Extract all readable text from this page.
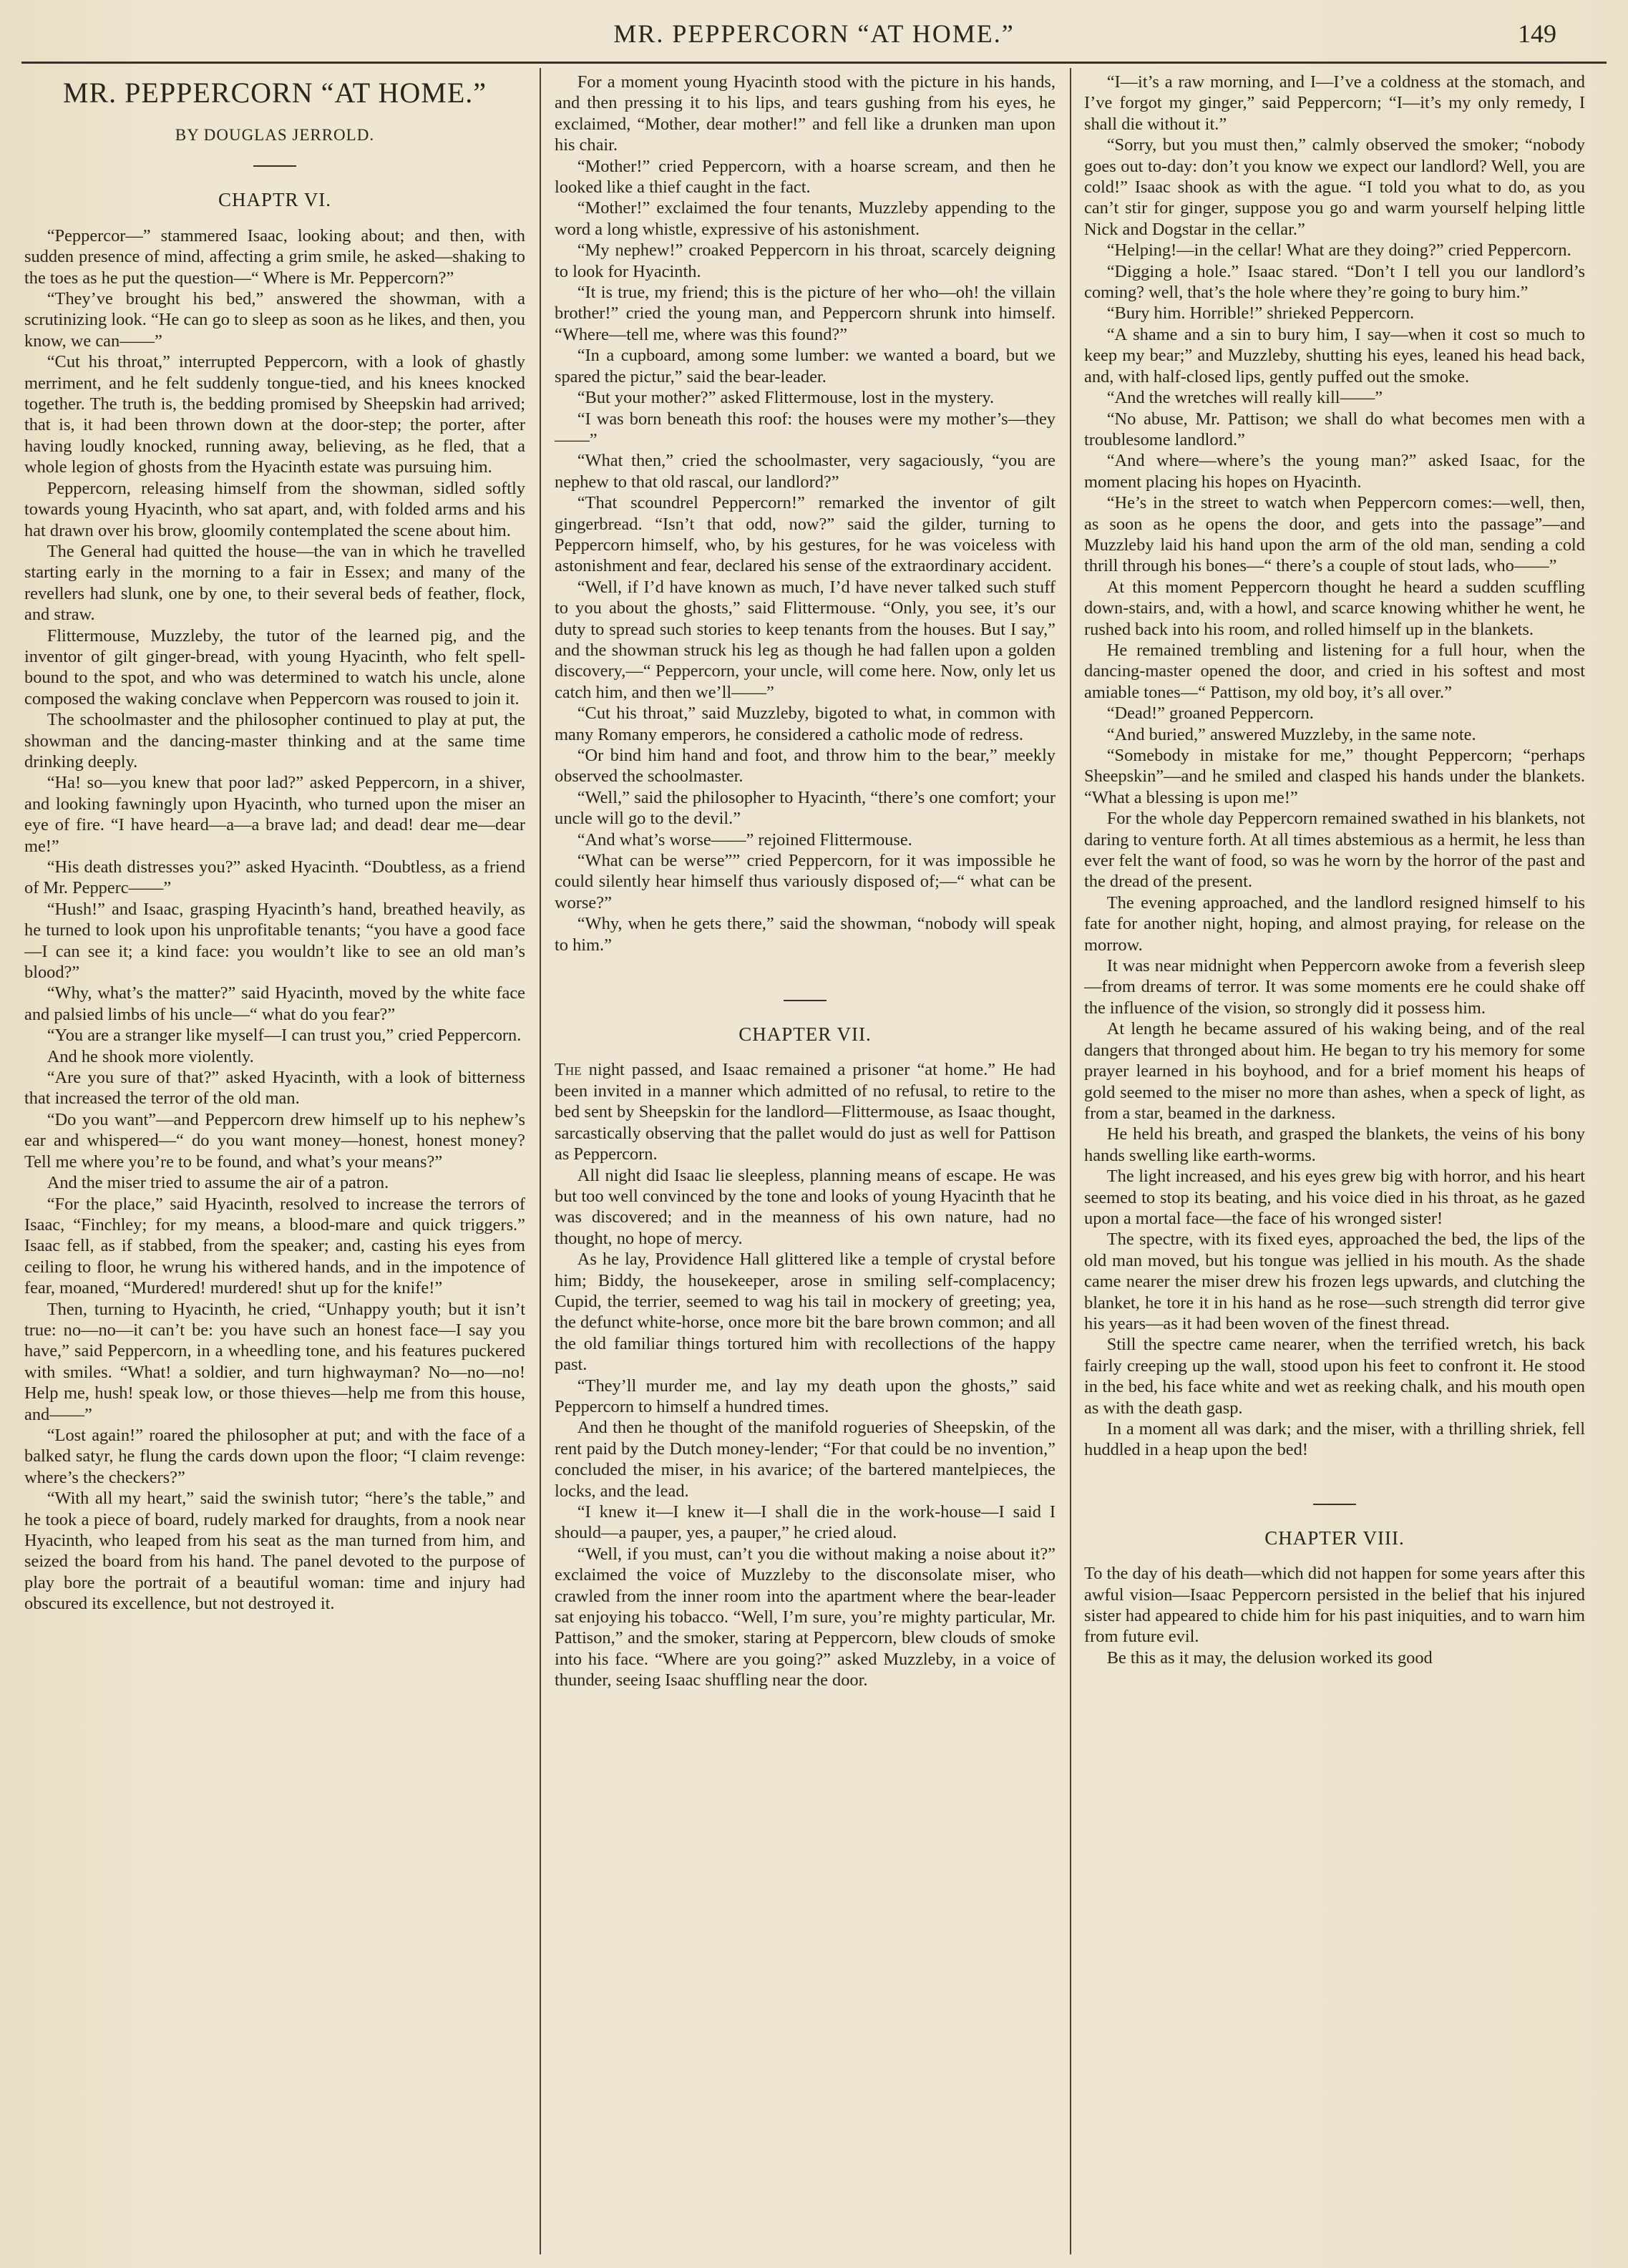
MR. PEPPERCORN “AT HOME.”	149
MR. PEPPERCORN “AT HOME.”
BY DOUGLAS JERROLD.
CHAPTR VI.

“Peppercor—” stammered Isaac, looking about; and then, with sudden presence of mind, affecting a grim smile, he asked—shaking to the toes as he put the question—“ Where is Mr. Peppercorn?”

“They’ve brought his bed,” answered the showman, with a scrutinizing look. “He can go to sleep as soon as he likes, and then, you know, we can——”

“Cut his throat,” interrupted Peppercorn, with a look of ghastly merriment, and he felt suddenly tongue-tied, and his knees knocked together. The truth is, the bedding promised by Sheepskin had arrived; that is, it had been thrown down at the door-step; the porter, after having loudly knocked, running away, believing, as he fled, that a whole legion of ghosts from the Hyacinth estate was pursuing him.

Peppercorn, releasing himself from the showman, sidled softly towards young Hyacinth, who sat apart, and, with folded arms and his hat drawn over his brow, gloomily contemplated the scene about him.

The General had quitted the house—the van in which he travelled starting early in the morning to a fair in Essex; and many of the revellers had slunk, one by one, to their several beds of feather, flock, and straw.

Flittermouse, Muzzleby, the tutor of the learned pig, and the inventor of gilt ginger-bread, with young Hyacinth, who felt spell-bound to the spot, and who was determined to watch his uncle, alone composed the waking conclave when Peppercorn was roused to join it.

The schoolmaster and the philosopher continued to play at put, the showman and the dancing-master thinking and at the same time drinking deeply.

“Ha! so—you knew that poor lad?” asked Peppercorn, in a shiver, and looking fawningly upon Hyacinth, who turned upon the miser an eye of fire. “I have heard—a—a brave lad; and dead! dear me—dear me!”

“His death distresses you?” asked Hyacinth. “Doubtless, as a friend of Mr. Pepperc——”

“Hush!” and Isaac, grasping Hyacinth’s hand, breathed heavily, as he turned to look upon his unprofitable tenants; “you have a good face—I can see it; a kind face: you wouldn’t like to see an old man’s blood?”

“Why, what’s the matter?” said Hyacinth, moved by the white face and palsied limbs of his uncle—“ what do you fear?”

“You are a stranger like myself—I can trust you,” cried Peppercorn.

And he shook more violently.

“Are you sure of that?” asked Hyacinth, with a look of bitterness that increased the terror of the old man.

“Do you want”—and Peppercorn drew himself up to his nephew’s ear and whispered—“ do you want money—honest, honest money? Tell me where you’re to be found, and what’s your means?”

And the miser tried to assume the air of a patron.

“For the place,” said Hyacinth, resolved to increase the terrors of Isaac, “Finchley; for my means, a blood-mare and quick triggers.” Isaac fell, as if stabbed, from the speaker; and, casting his eyes from ceiling to floor, he wrung his withered hands, and in the impotence of fear, moaned, “Murdered! murdered! shut up for the knife!”

Then, turning to Hyacinth, he cried, “Unhappy youth; but it isn’t true: no—no—it can’t be: you have such an honest face—I say you have,” said Peppercorn, in a wheedling tone, and his features puckered with smiles. “What! a soldier, and turn highwayman? No—no—no! Help me, hush! speak low, or those thieves—help me from this house, and——”

“Lost again!” roared the philosopher at put; and with the face of a balked satyr, he flung the cards down upon the floor; “I claim revenge: where’s the checkers?”

“With all my heart,” said the swinish tutor; “here’s the table,” and he took a piece of board, rudely marked for draughts, from a nook near Hyacinth, who leaped from his seat as the man turned from him, and seized the board from his hand. The panel devoted to the purpose of play bore the portrait of a beautiful woman: time and injury had obscured its excellence, but not destroyed it.

For a moment young Hyacinth stood with the picture in his hands, and then pressing it to his lips, and tears gushing from his eyes, he exclaimed, “Mother, dear mother!” and fell like a drunken man upon his chair.

“Mother!” cried Peppercorn, with a hoarse scream, and then he looked like a thief caught in the fact.

“Mother!” exclaimed the four tenants, Muzzleby appending to the word a long whistle, expressive of his astonishment.

“My nephew!” croaked Peppercorn in his throat, scarcely deigning to look for Hyacinth.

“It is true, my friend; this is the picture of her who—oh! the villain brother!” cried the young man, and Peppercorn shrunk into himself. “Where—tell me, where was this found?”

“In a cupboard, among some lumber: we wanted a board, but we spared the pictur,” said the bear-leader.

“But your mother?” asked Flittermouse, lost in the mystery.

“I was born beneath this roof: the houses were my mother’s—they——”

“What then,” cried the schoolmaster, very sagaciously, “you are nephew to that old rascal, our landlord?”

“That scoundrel Peppercorn!” remarked the inventor of gilt gingerbread. “Isn’t that odd, now?” said the gilder, turning to Peppercorn himself, who, by his gestures, for he was voiceless with astonishment and fear, declared his sense of the extraordinary accident.

“Well, if I’d have known as much, I’d have never talked such stuff to you about the ghosts,” said Flittermouse. “Only, you see, it’s our duty to spread such stories to keep tenants from the houses. But I say,” and the showman struck his leg as though he had fallen upon a golden discovery,—“ Peppercorn, your uncle, will come here. Now, only let us catch him, and then we’ll——”

“Cut his throat,” said Muzzleby, bigoted to what, in common with many Romany emperors, he considered a catholic mode of redress.

“Or bind him hand and foot, and throw him to the bear,” meekly observed the schoolmaster.

“Well,” said the philosopher to Hyacinth, “there’s one comfort; your uncle will go to the devil.”

“And what’s worse——” rejoined Flittermouse.

“What can be werse”” cried Peppercorn, for it was impossible he could silently hear himself thus variously disposed of;—“ what can be worse?”

“Why, when he gets there,” said the showman, “nobody will speak to him.”

CHAPTER VII.

The night passed, and Isaac remained a prisoner “at home.” He had been invited in a manner which admitted of no refusal, to retire to the bed sent by Sheepskin for the landlord—Flittermouse, as Isaac thought, sarcastically observing that the pallet would do just as well for Pattison as Peppercorn.

All night did Isaac lie sleepless, planning means of escape. He was but too well convinced by the tone and looks of young Hyacinth that he was discovered; and in the meanness of his own nature, had no thought, no hope of mercy.

As he lay, Providence Hall glittered like a temple of crystal before him; Biddy, the housekeeper, arose in smiling self-complacency; Cupid, the terrier, seemed to wag his tail in mockery of greeting; yea, the defunct white-horse, once more bit the bare brown common; and all the old familiar things tortured him with recollections of the happy past.

“They’ll murder me, and lay my death upon the ghosts,” said Peppercorn to himself a hundred times.

And then he thought of the manifold rogueries of Sheepskin, of the rent paid by the Dutch money-lender; “For that could be no invention,” concluded the miser, in his avarice; of the bartered mantelpieces, the locks, and the lead.

“I knew it—I knew it—I shall die in the work-house—I said I should—a pauper, yes, a pauper,” he cried aloud.

“Well, if you must, can’t you die without making a noise about it?” exclaimed the voice of Muzzleby to the disconsolate miser, who crawled from the inner room into the apartment where the bear-leader sat enjoying his tobacco. “Well, I’m sure, you’re mighty particular, Mr. Pattison,” and the smoker, staring at Peppercorn, blew clouds of smoke into his face. “Where are you going?” asked Muzzleby, in a voice of thunder, seeing Isaac shuffling near the door.

“I—it’s a raw morning, and I—I’ve a coldness at the stomach, and I’ve forgot my ginger,” said Peppercorn; “I—it’s my only remedy, I shall die without it.”

“Sorry, but you must then,” calmly observed the smoker; “nobody goes out to-day: don’t you know we expect our landlord? Well, you are cold!” Isaac shook as with the ague. “I told you what to do, as you can’t stir for ginger, suppose you go and warm yourself helping little Nick and Dogstar in the cellar.”

“Helping!—in the cellar! What are they doing?” cried Peppercorn.

“Digging a hole.” Isaac stared. “Don’t I tell you our landlord’s coming? well, that’s the hole where they’re going to bury him.”

“Bury him. Horrible!” shrieked Peppercorn.

“A shame and a sin to bury him, I say—when it cost so much to keep my bear;” and Muzzleby, shutting his eyes, leaned his head back, and, with half-closed lips, gently puffed out the smoke.

“And the wretches will really kill——”

“No abuse, Mr. Pattison; we shall do what becomes men with a troublesome landlord.”

“And where—where’s the young man?” asked Isaac, for the moment placing his hopes on Hyacinth.

“He’s in the street to watch when Peppercorn comes:—well, then, as soon as he opens the door, and gets into the passage”—and Muzzleby laid his hand upon the arm of the old man, sending a cold thrill through his bones—“ there’s a couple of stout lads, who——”

At this moment Peppercorn thought he heard a sudden scuffling down-stairs, and, with a howl, and scarce knowing whither he went, he rushed back into his room, and rolled himself up in the blankets.

He remained trembling and listening for a full hour, when the dancing-master opened the door, and cried in his softest and most amiable tones—“ Pattison, my old boy, it’s all over.”

“Dead!” groaned Peppercorn.

“And buried,” answered Muzzleby, in the same note.

“Somebody in mistake for me,” thought Peppercorn; “perhaps Sheepskin”—and he smiled and clasped his hands under the blankets. “What a blessing is upon me!”

For the whole day Peppercorn remained swathed in his blankets, not daring to venture forth. At all times abstemious as a hermit, he less than ever felt the want of food, so was he worn by the horror of the past and the dread of the present.

The evening approached, and the landlord resigned himself to his fate for another night, hoping, and almost praying, for release on the morrow.

It was near midnight when Peppercorn awoke from a feverish sleep—from dreams of terror. It was some moments ere he could shake off the influence of the vision, so strongly did it possess him.

At length he became assured of his waking being, and of the real dangers that thronged about him. He began to try his memory for some prayer learned in his boyhood, and for a brief moment his heaps of gold seemed to the miser no more than ashes, when a speck of light, as from a star, beamed in the darkness.

He held his breath, and grasped the blankets, the veins of his bony hands swelling like earth-worms.

The light increased, and his eyes grew big with horror, and his heart seemed to stop its beating, and his voice died in his throat, as he gazed upon a mortal face—the face of his wronged sister!

The spectre, with its fixed eyes, approached the bed, the lips of the old man moved, but his tongue was jellied in his mouth. As the shade came nearer the miser drew his frozen legs upwards, and clutching the blanket, he tore it in his hand as he rose—such strength did terror give his years—as it had been woven of the finest thread.

Still the spectre came nearer, when the terrified wretch, his back fairly creeping up the wall, stood upon his feet to confront it. He stood in the bed, his face white and wet as reeking chalk, and his mouth open as with the death gasp.

In a moment all was dark; and the miser, with a thrilling shriek, fell huddled in a heap upon the bed!

CHAPTER VIII.

To the day of his death—which did not happen for some years after this awful vision—Isaac Peppercorn persisted in the belief that his injured sister had appeared to chide him for his past iniquities, and to warn him from future evil.

Be this as it may, the delusion worked its good
